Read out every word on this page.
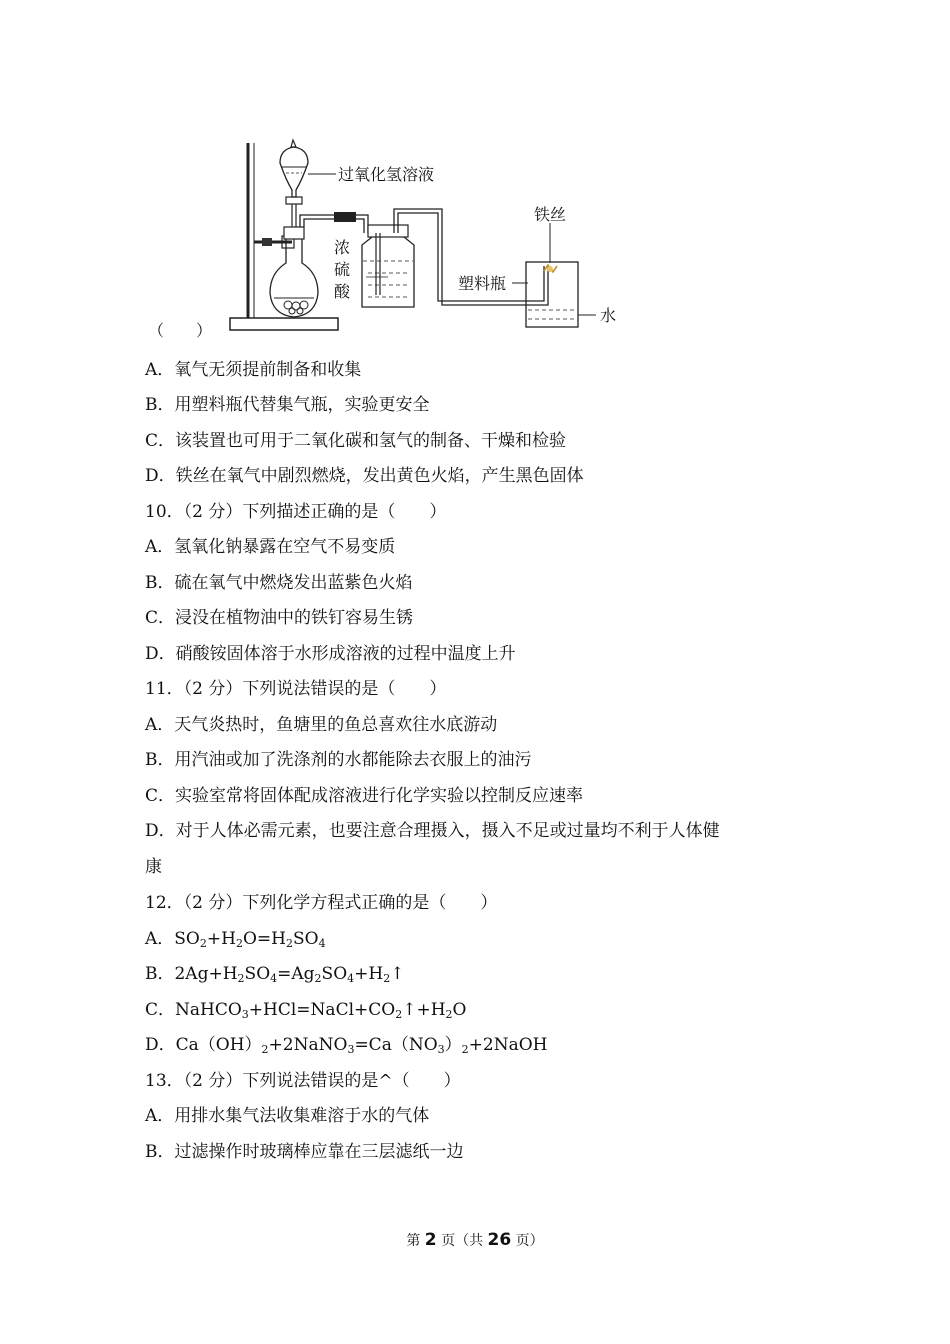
过氧化氢溶液
浓
硫
酸
铁丝
塑料瓶
水
（　　）
A．氧气无须提前制备和收集
B．用塑料瓶代替集气瓶，实验更安全
C．该装置也可用于二氧化碳和氢气的制备、干燥和检验
D．铁丝在氧气中剧烈燃烧，发出黄色火焰，产生黑色固体
10．（2 分）下列描述正确的是（　　）
A．氢氧化钠暴露在空气不易变质
B．硫在氧气中燃烧发出蓝紫色火焰
C．浸没在植物油中的铁钉容易生锈
D．硝酸铵固体溶于水形成溶液的过程中温度上升
11．（2 分）下列说法错误的是（　　）
A．天气炎热时，鱼塘里的鱼总喜欢往水底游动
B．用汽油或加了洗涤剂的水都能除去衣服上的油污
C．实验室常将固体配成溶液进行化学实验以控制反应速率
D．对于人体必需元素，也要注意合理摄入，摄入不足或过量均不利于人体健
康
12．（2 分）下列化学方程式正确的是（　　）
A．$SO_2+H_2O=H_2SO_4$
B．$2Ag+H_2SO_4=Ag_2SO_4+H_2↑$
C．$NaHCO_3+HCl=NaCl+CO_2↑+H_2O$
D．$Ca(OH)_2+2NaNO_3=Ca(NO_3)_2+2NaOH$
13．（2 分）下列说法错误的是^（　　）
A．用排水集气法收集难溶于水的气体
B．过滤操作时玻璃棒应靠在三层滤纸一边
第 2 页（共 26 页）
